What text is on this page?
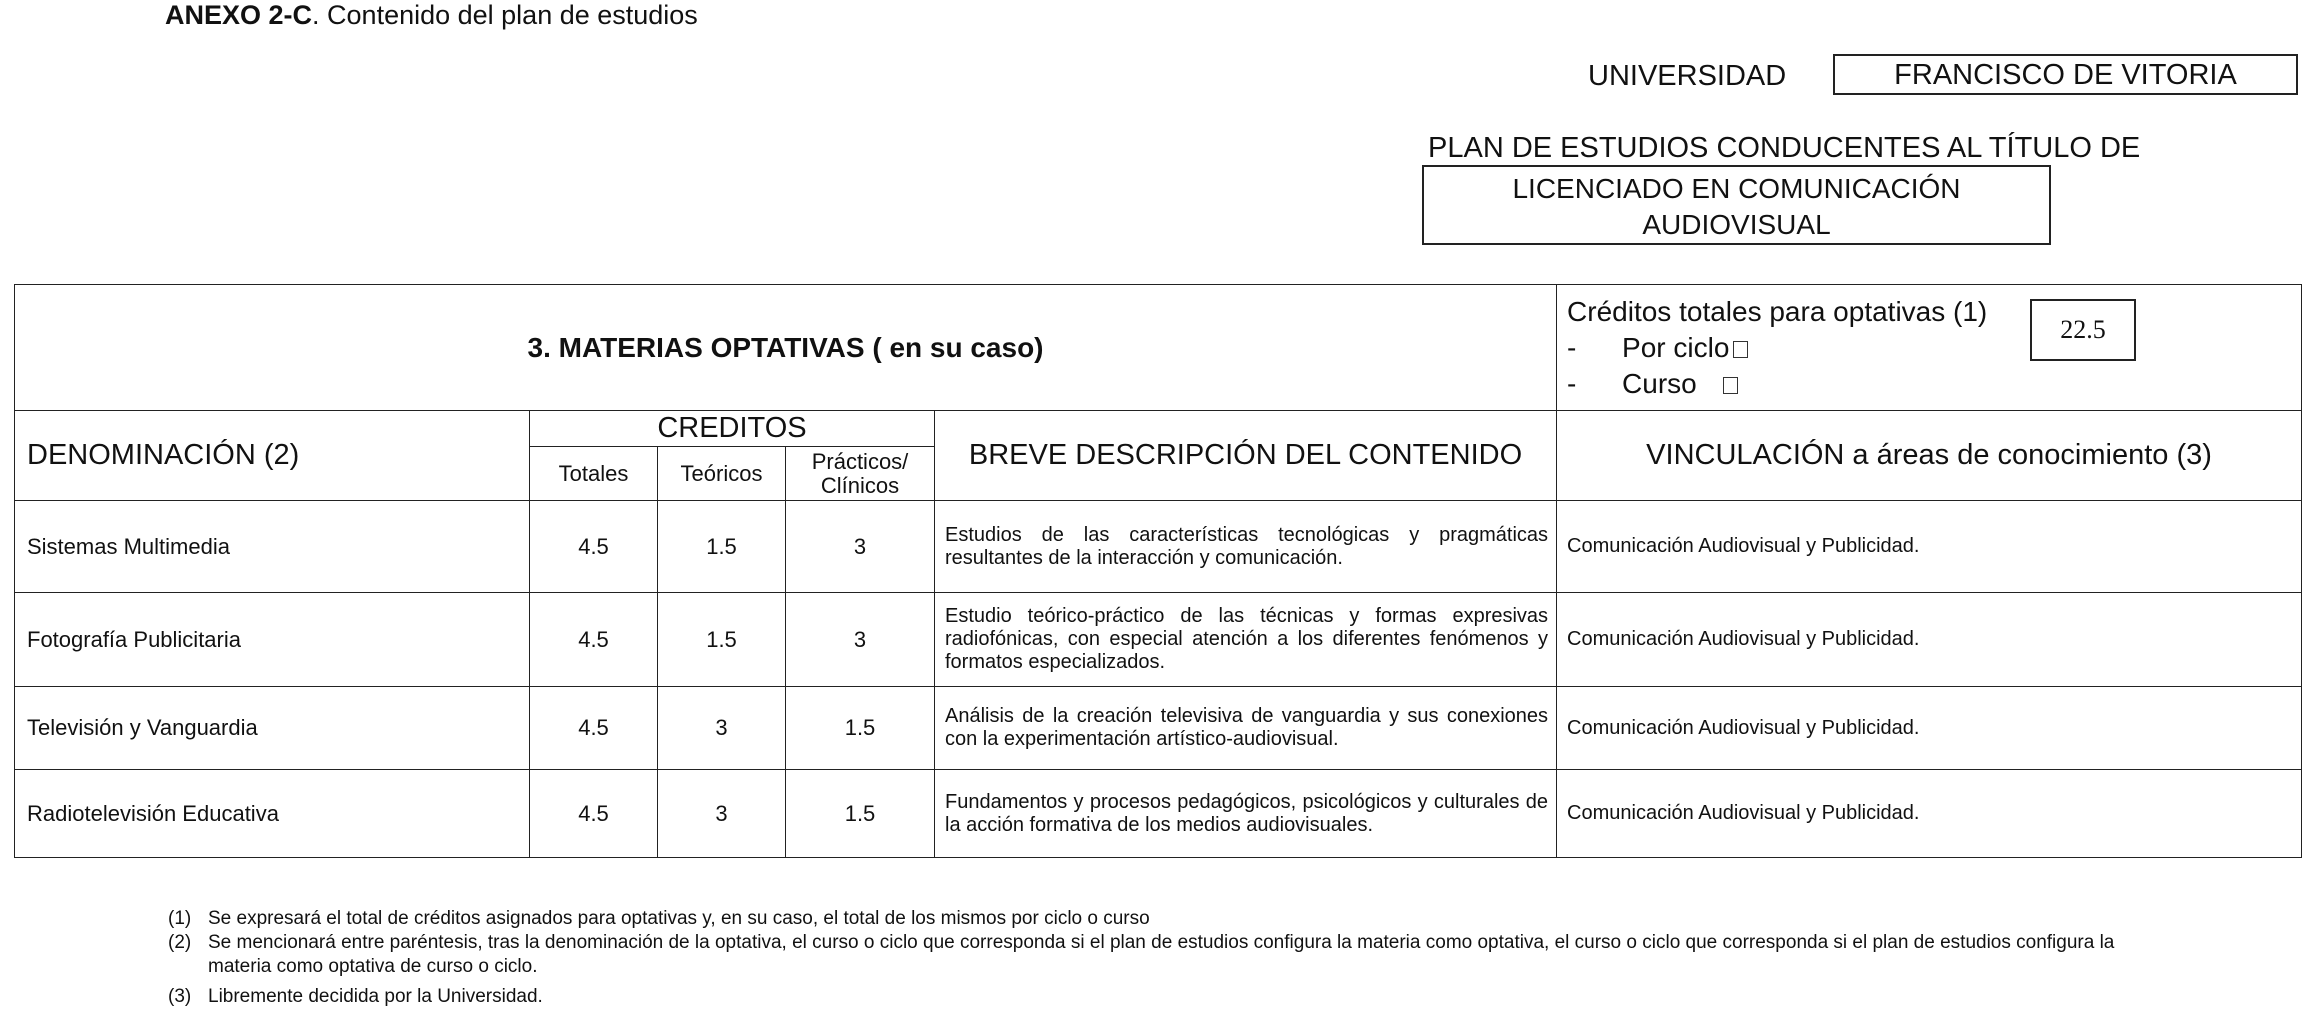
ANEXO 2-C. Contenido del plan de estudios
UNIVERSIDAD	FRANCISCO DE VITORIA
PLAN DE ESTUDIOS CONDUCENTES AL TÍTULO DE
LICENCIADO EN COMUNICACIÓN
AUDIOVISUAL
3. MATERIAS OPTATIVAS ( en su caso)					Créditos totales para optativas (1)
- Por ciclo
- Curso
22.5

DENOMINACIÓN (2)	CREDITOS			BREVE DESCRIPCIÓN DEL CONTENIDO	VINCULACIÓN a áreas de conocimiento (3)
	Totales	Teóricos	Prácticos/
Clínicos		

Sistemas Multimedia	4.5	1.5	3	Estudios de las características tecnológicas y pragmáticas resultantes de la interacción y comunicación.	Comunicación Audiovisual y Publicidad.
Fotografía Publicitaria	4.5	1.5	3	Estudio teórico-práctico de las técnicas y formas expresivas radiofónicas, con especial atención a los diferentes fenómenos y formatos especializados.	Comunicación Audiovisual y Publicidad.
Televisión y Vanguardia	4.5	3	1.5	Análisis de la creación televisiva de vanguardia y sus conexiones con la experimentación artístico-audiovisual.	Comunicación Audiovisual y Publicidad.
Radiotelevisión Educativa	4.5	3	1.5	Fundamentos y procesos pedagógicos, psicológicos y culturales de la acción formativa de los medios audiovisuales.	Comunicación Audiovisual y Publicidad.
(1) Se expresará el total de créditos asignados para optativas y, en su caso, el total de los mismos por ciclo o curso
(2) Se mencionará entre paréntesis, tras la denominación de la optativa, el curso o ciclo que corresponda si el plan de estudios configura la materia como optativa, el curso o ciclo que corresponda si el plan de estudios configura la materia como optativa de curso o ciclo.
(3) Libremente decidida por la Universidad.
